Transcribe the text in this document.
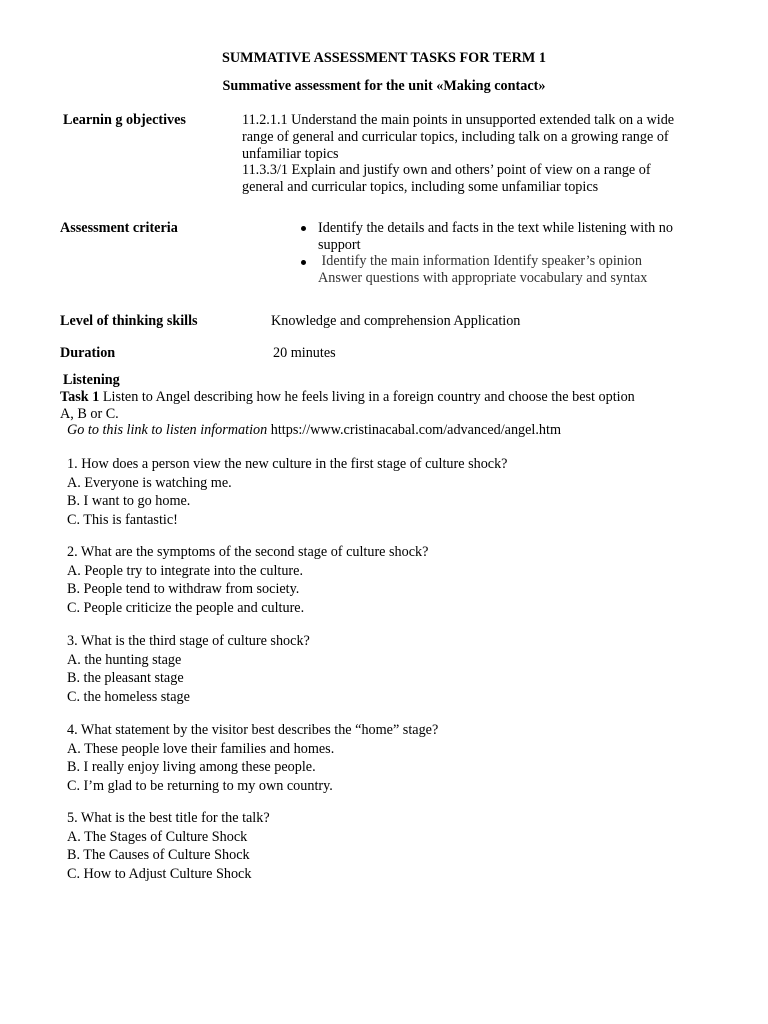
SUMMATIVE ASSESSMENT TASKS FOR TERM 1
Summative assessment for the unit «Making contact»
Learnin g objectives	11.2.1.1 Understand the main points in unsupported extended talk on a wide
range of general and curricular topics, including talk on a growing range of
unfamiliar topics
11.3.3/1 Explain and justify own and others’ point of view on a range of
general and curricular topics, including some unfamiliar topics
Assessment criteria	Identify the details and facts in the text while listening with no
support
Identify the main information Identify speaker’s opinion
Answer questions with appropriate vocabulary and syntax
Level of thinking skills	Knowledge and comprehension Application
Duration	20 minutes
Listening
Task 1 Listen to Angel describing how he feels living in a foreign country and choose the best option
A, B or C.
Go to this link to listen information https://www.cristinacabal.com/advanced/angel.htm
1. How does a person view the new culture in the first stage of culture shock?
A. Everyone is watching me.
B. I want to go home.
C. This is fantastic!
2. What are the symptoms of the second stage of culture shock?
A. People try to integrate into the culture.
B. People tend to withdraw from society.
C. People criticize the people and culture.
3. What is the third stage of culture shock?
A. the hunting stage
B. the pleasant stage
C. the homeless stage
4. What statement by the visitor best describes the “home” stage?
A. These people love their families and homes.
B. I really enjoy living among these people.
C. I’m glad to be returning to my own country.
5. What is the best title for the talk?
A. The Stages of Culture Shock
B. The Causes of Culture Shock
C. How to Adjust Culture Shock
